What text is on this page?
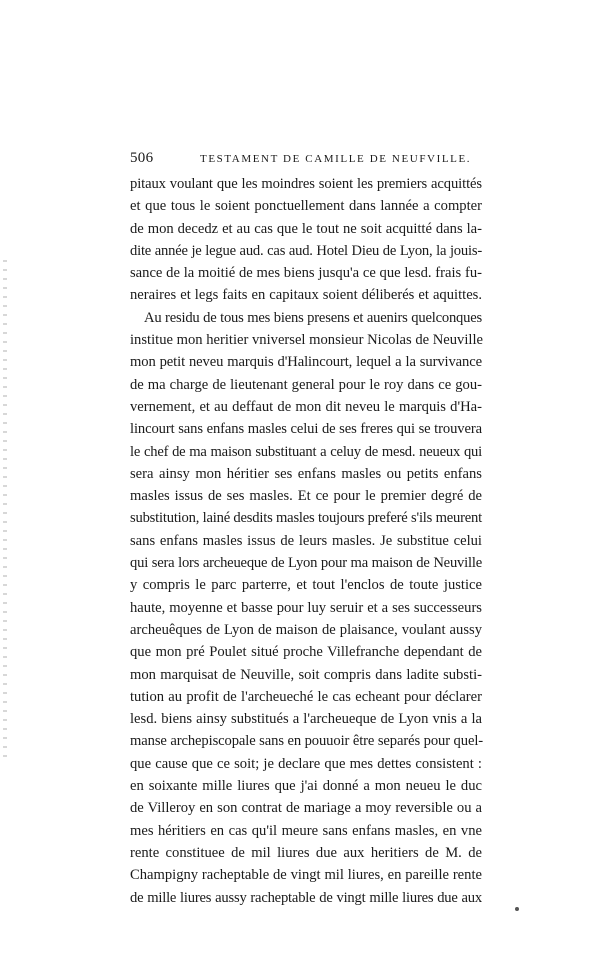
506	TESTAMENT DE CAMILLE DE NEUFVILLE.
pitaux voulant que les moindres soient les premiers acquittés
et que tous le soient ponctuellement dans lannée a compter
de mon decedz et au cas que le tout ne soit acquitté dans la-
dite année je legue aud. cas aud. Hotel Dieu de Lyon, la jouis-
sance de la moitié de mes biens jusqu'a ce que lesd. frais fu-
neraires et legs faits en capitaux soient déliberés et aquittes.
Au residu de tous mes biens presens et auenirs quelconques
institue mon heritier vniversel monsieur Nicolas de Neuville
mon petit neveu marquis d'Halincourt, lequel a la survivance
de ma charge de lieutenant general pour le roy dans ce gou-
vernement, et au deffaut de mon dit neveu le marquis d'Ha-
lincourt sans enfans masles celui de ses freres qui se trouvera
le chef de ma maison substituant a celuy de mesd. neueux qui
sera ainsy mon héritier ses enfans masles ou petits enfans
masles issus de ses masles. Et ce pour le premier degré de
substitution, lainé desdits masles toujours preferé s'ils meurent
sans enfans masles issus de leurs masles. Je substitue celui
qui sera lors archeueque de Lyon pour ma maison de Neuville
y compris le parc parterre, et tout l'enclos de toute justice
haute, moyenne et basse pour luy seruir et a ses successeurs
archeuêques de Lyon de maison de plaisance, voulant aussy
que mon pré Poulet situé proche Villefranche dependant de
mon marquisat de Neuville, soit compris dans ladite substi-
tution au profit de l'archeueché le cas echeant pour déclarer
lesd. biens ainsy substitués a l'archeueque de Lyon vnis a la
manse archepiscopale sans en pouuoir être separés pour quel-
que cause que ce soit; je declare que mes dettes consistent :
en soixante mille liures que j'ai donné a mon neueu le duc
de Villeroy en son contrat de mariage a moy reversible ou a
mes héritiers en cas qu'il meure sans enfans masles, en vne
rente constituee de mil liures due aux heritiers de M. de
Champigny racheptable de vingt mil liures, en pareille rente
de mille liures aussy racheptable de vingt mille liures due aux
